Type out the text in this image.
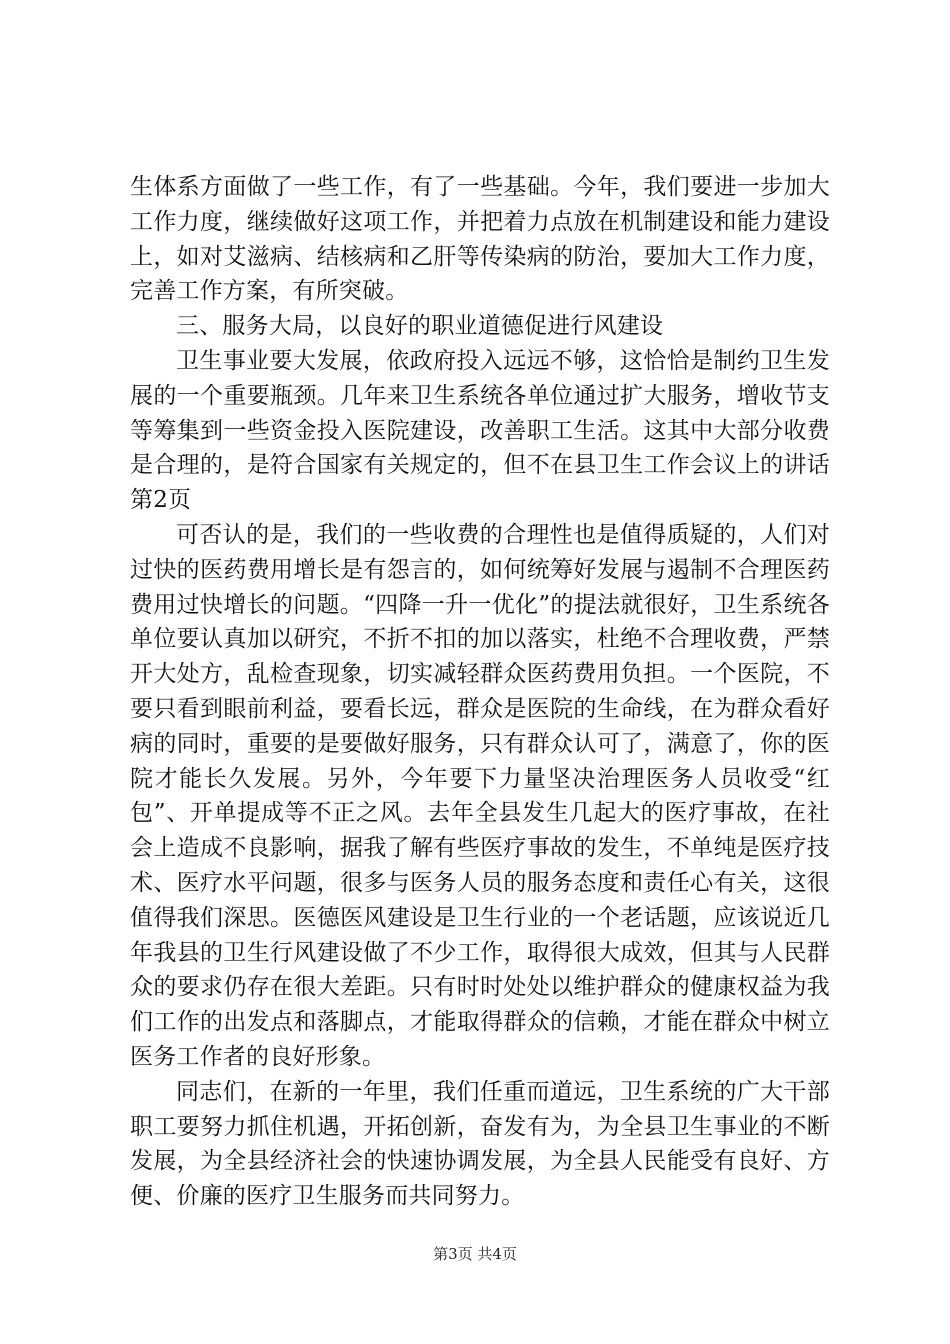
生体系方面做了一些工作，有了一些基础。今年，我们要进一步加大工作力度，继续做好这项工作，并把着力点放在机制建设和能力建设上，如对艾滋病、结核病和乙肝等传染病的防治，要加大工作力度，完善工作方案，有所突破。

三、服务大局，以良好的职业道德促进行风建设

卫生事业要大发展，依政府投入远远不够，这恰恰是制约卫生发展的一个重要瓶颈。几年来卫生系统各单位通过扩大服务，增收节支等筹集到一些资金投入医院建设，改善职工生活。这其中大部分收费是合理的，是符合国家有关规定的，但不在县卫生工作会议上的讲话第2页

可否认的是，我们的一些收费的合理性也是值得质疑的，人们对过快的医药费用增长是有怨言的，如何统筹好发展与遏制不合理医药费用过快增长的问题。“四降一升一优化”的提法就很好，卫生系统各单位要认真加以研究，不折不扣的加以落实，杜绝不合理收费，严禁开大处方，乱检查现象，切实减轻群众医药费用负担。一个医院，不要只看到眼前利益，要看长远，群众是医院的生命线，在为群众看好病的同时，重要的是要做好服务，只有群众认可了，满意了，你的医院才能长久发展。另外，今年要下力量坚决治理医务人员收受“红包”、开单提成等不正之风。去年全县发生几起大的医疗事故，在社会上造成不良影响，据我了解有些医疗事故的发生，不单纯是医疗技术、医疗水平问题，很多与医务人员的服务态度和责任心有关，这很值得我们深思。医德医风建设是卫生行业的一个老话题，应该说近几年我县的卫生行风建设做了不少工作，取得很大成效，但其与人民群众的要求仍存在很大差距。只有时时处处以维护群众的健康权益为我们工作的出发点和落脚点，才能取得群众的信赖，才能在群众中树立医务工作者的良好形象。

同志们，在新的一年里，我们任重而道远，卫生系统的广大干部职工要努力抓住机遇，开拓创新，奋发有为，为全县卫生事业的不断发展，为全县经济社会的快速协调发展，为全县人民能受有良好、方便、价廉的医疗卫生服务而共同努力。

第3页 共4页
